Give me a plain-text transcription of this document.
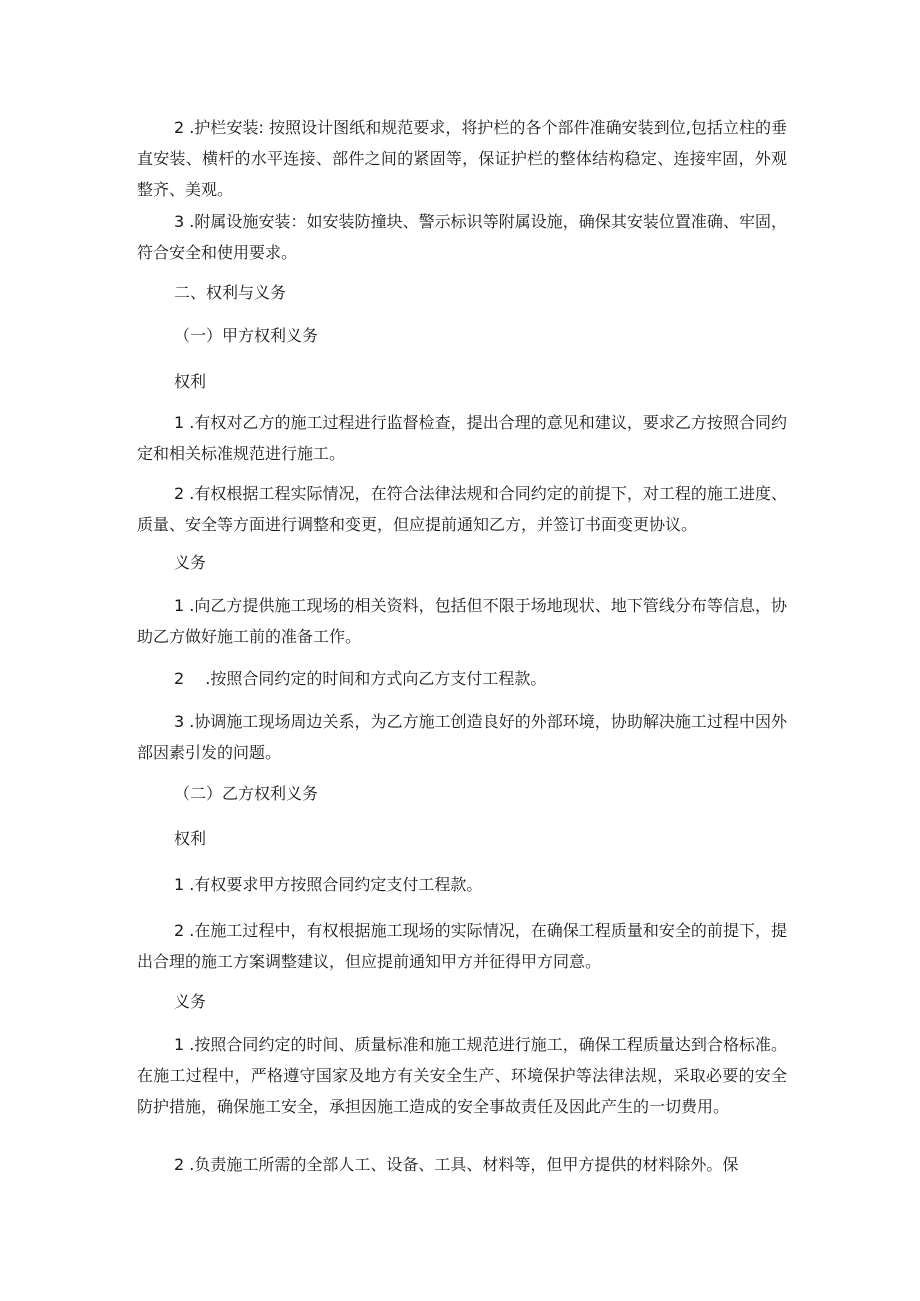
2 .护栏安装: 按照设计图纸和规范要求，将护栏的各个部件准确安装到位,包括立柱的垂直安装、横杆的水平连接、部件之间的紧固等，保证护栏的整体结构稳定、连接牢固，外观整齐、美观。

3 .附属设施安装：如安装防撞块、警示标识等附属设施，确保其安装位置准确、牢固，符合安全和使用要求。

二、权利与义务

（一）甲方权利义务

权利

1 .有权对乙方的施工过程进行监督检查，提出合理的意见和建议，要求乙方按照合同约定和相关标准规范进行施工。

2 .有权根据工程实际情况，在符合法律法规和合同约定的前提下，对工程的施工进度、质量、安全等方面进行调整和变更，但应提前通知乙方，并签订书面变更协议。

义务

1 .向乙方提供施工现场的相关资料，包括但不限于场地现状、地下管线分布等信息，协助乙方做好施工前的准备工作。

2　 .按照合同约定的时间和方式向乙方支付工程款。

3 .协调施工现场周边关系，为乙方施工创造良好的外部环境，协助解决施工过程中因外部因素引发的问题。

（二）乙方权利义务

权利

1 .有权要求甲方按照合同约定支付工程款。

2 .在施工过程中，有权根据施工现场的实际情况，在确保工程质量和安全的前提下，提出合理的施工方案调整建议，但应提前通知甲方并征得甲方同意。

义务

1 .按照合同约定的时间、质量标准和施工规范进行施工，确保工程质量达到合格标准。在施工过程中，严格遵守国家及地方有关安全生产、环境保护等法律法规，采取必要的安全防护措施，确保施工安全，承担因施工造成的安全事故责任及因此产生的一切费用。

2 .负责施工所需的全部人工、设备、工具、材料等，但甲方提供的材料除外。保
